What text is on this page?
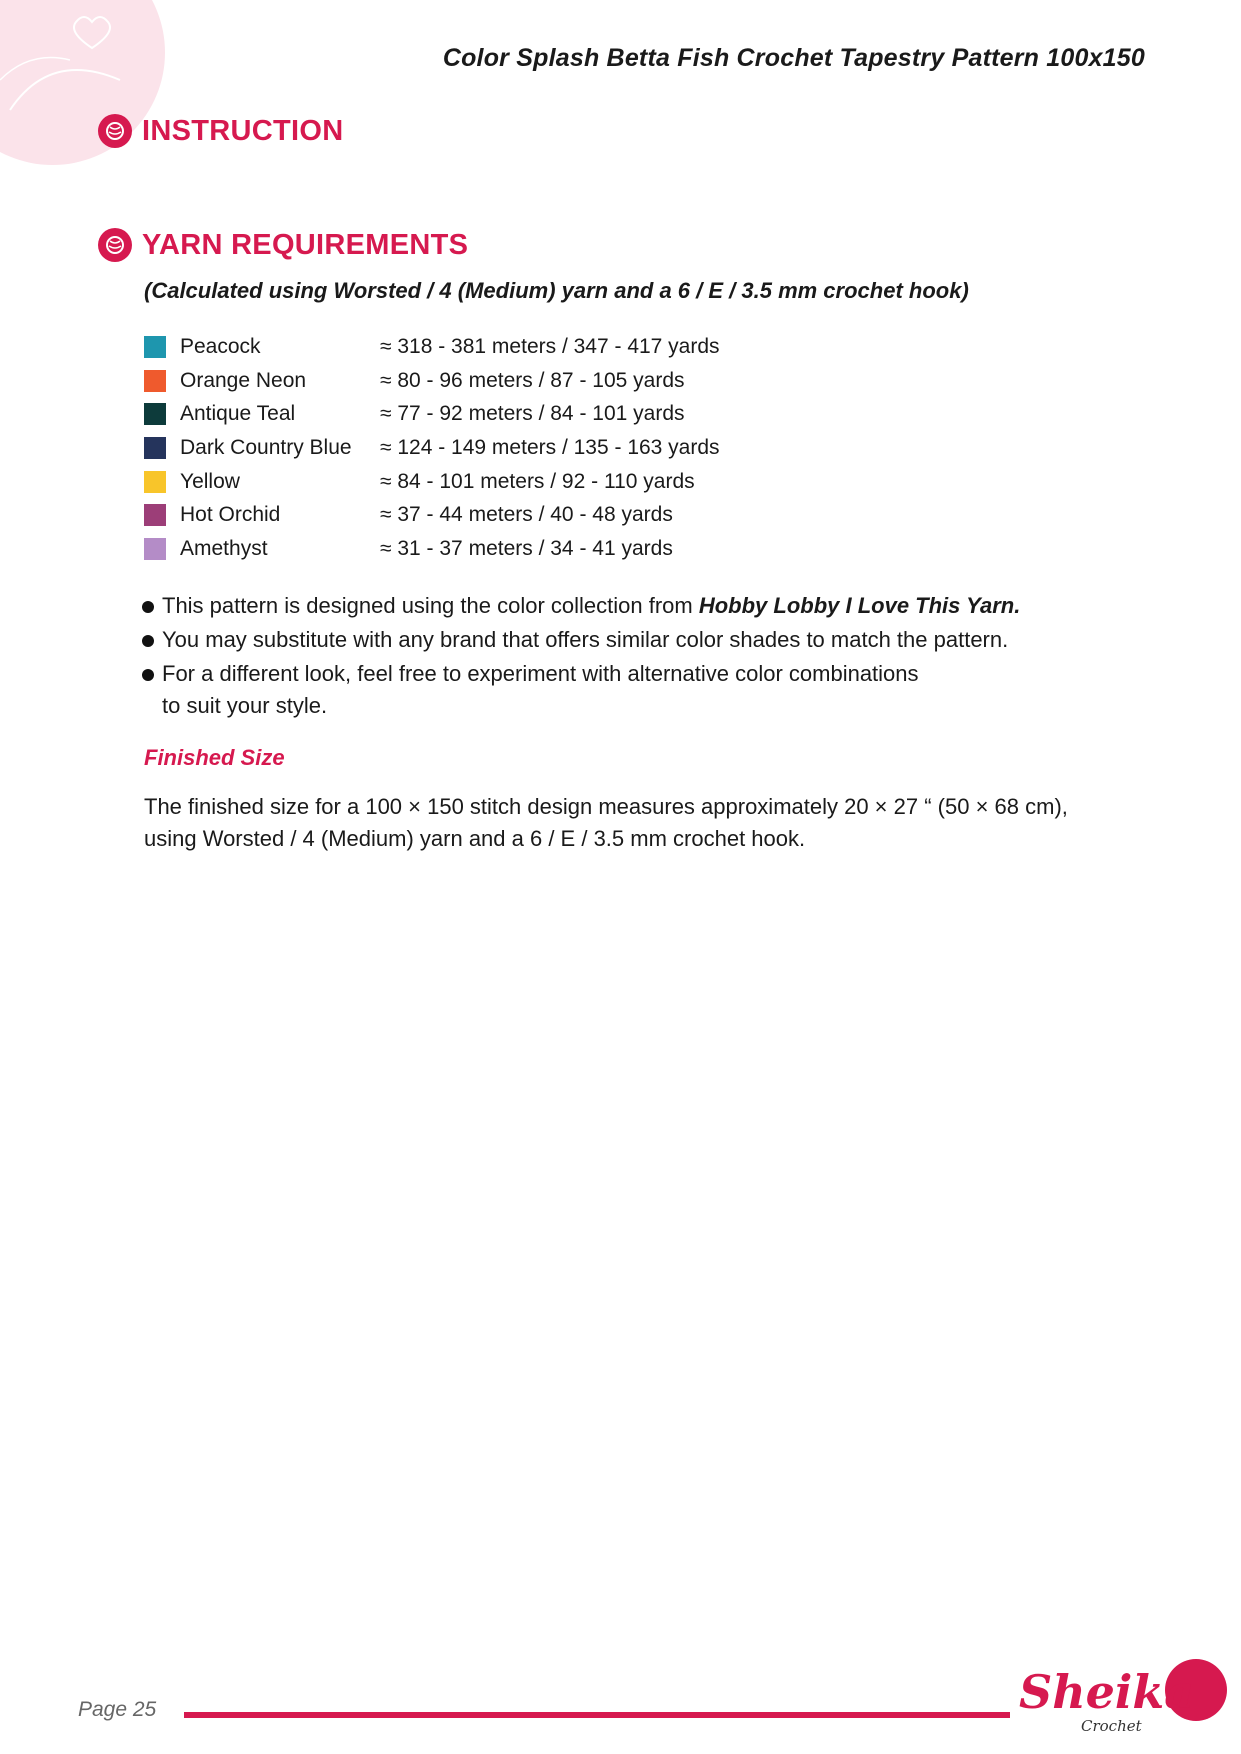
Color Splash Betta Fish Crochet Tapestry Pattern 100x150
INSTRUCTION
YARN REQUIREMENTS
(Calculated using Worsted / 4 (Medium) yarn and a 6 / E / 3.5 mm crochet hook)
Peacock	≈ 318 - 381 meters / 347 - 417 yards
Orange Neon	≈ 80 - 96 meters / 87 - 105 yards
Antique Teal	≈ 77 - 92 meters / 84 - 101 yards
Dark Country Blue	≈ 124 - 149 meters / 135 - 163 yards
Yellow	≈ 84 - 101 meters / 92 - 110 yards
Hot Orchid	≈ 37 - 44 meters / 40 - 48 yards
Amethyst	≈ 31 - 37 meters / 34 - 41 yards
This pattern is designed using the color collection from Hobby Lobby I Love This Yarn.
You may substitute with any brand that offers similar color shades to match the pattern.
For a different look, feel free to experiment with alternative color combinations
to suit your style.
Finished Size
The finished size for a 100 × 150 stitch design measures approximately 20 × 27 “ (50 × 68 cm),
using Worsted / 4 (Medium) yarn and a 6 / E / 3.5 mm crochet hook.
Page 25	Sheika
Crochet
